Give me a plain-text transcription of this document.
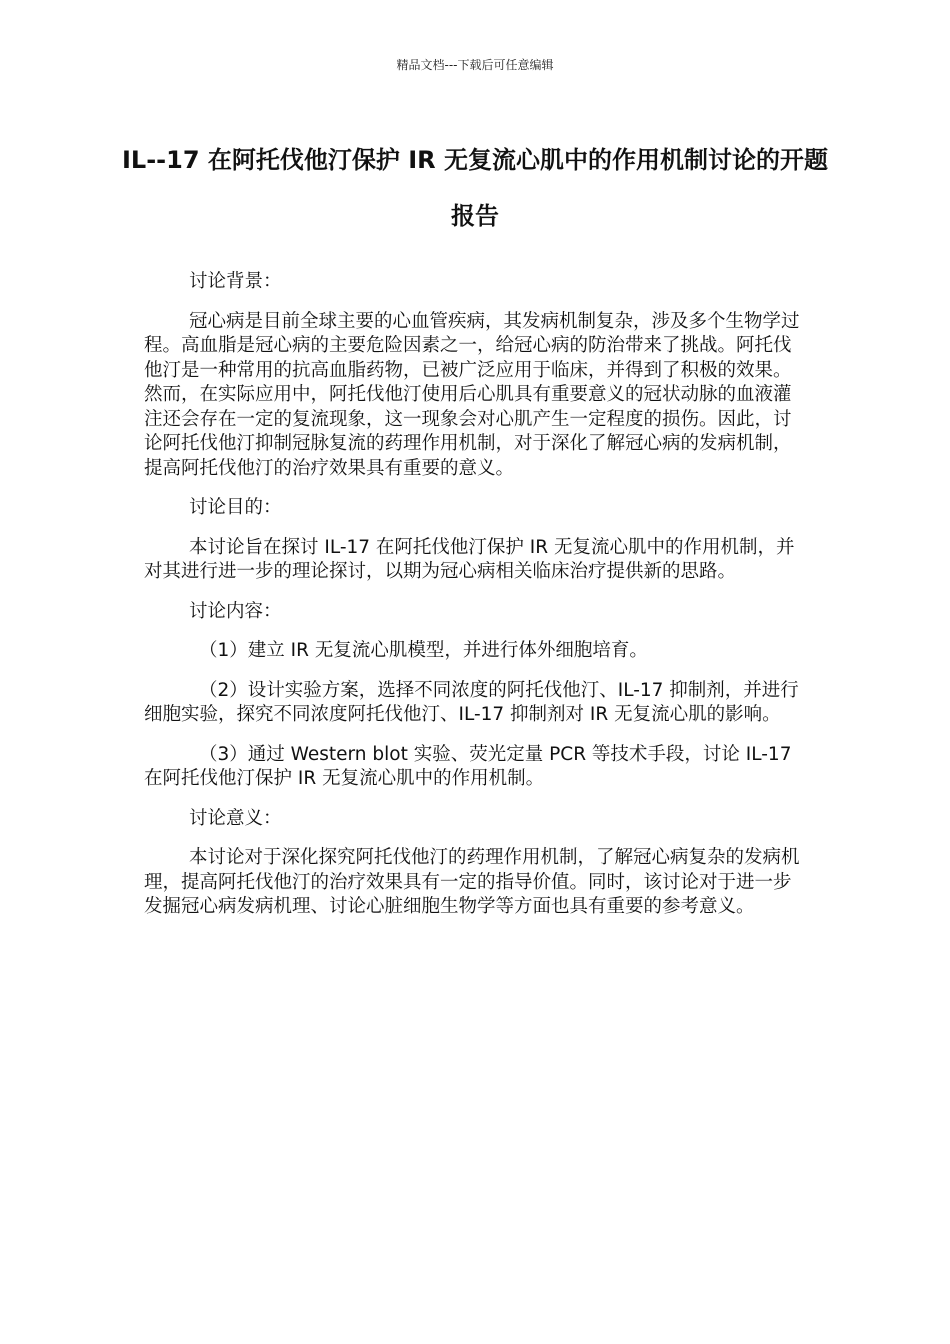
精品文档---下载后可任意编辑
IL--17 在阿托伐他汀保护 IR 无复流心肌中的作用机制讨论的开题报告

讨论背景：

冠心病是目前全球主要的心血管疾病，其发病机制复杂，涉及多个生物学过程。高血脂是冠心病的主要危险因素之一，给冠心病的防治带来了挑战。阿托伐他汀是一种常用的抗高血脂药物，已被广泛应用于临床，并得到了积极的效果。然而，在实际应用中，阿托伐他汀使用后心肌具有重要意义的冠状动脉的血液灌注还会存在一定的复流现象，这一现象会对心肌产生一定程度的损伤。因此，讨论阿托伐他汀抑制冠脉复流的药理作用机制，对于深化了解冠心病的发病机制，提高阿托伐他汀的治疗效果具有重要的意义。

讨论目的：

本讨论旨在探讨 IL-17 在阿托伐他汀保护 IR 无复流心肌中的作用机制，并对其进行进一步的理论探讨，以期为冠心病相关临床治疗提供新的思路。

讨论内容：

（1）建立 IR 无复流心肌模型，并进行体外细胞培育。

（2）设计实验方案，选择不同浓度的阿托伐他汀、IL-17 抑制剂，并进行细胞实验，探究不同浓度阿托伐他汀、IL-17 抑制剂对 IR 无复流心肌的影响。

（3）通过 Western blot 实验、荧光定量 PCR 等技术手段，讨论 IL-17 在阿托伐他汀保护 IR 无复流心肌中的作用机制。

讨论意义：

本讨论对于深化探究阿托伐他汀的药理作用机制，了解冠心病复杂的发病机理，提高阿托伐他汀的治疗效果具有一定的指导价值。同时，该讨论对于进一步发掘冠心病发病机理、讨论心脏细胞生物学等方面也具有重要的参考意义。
